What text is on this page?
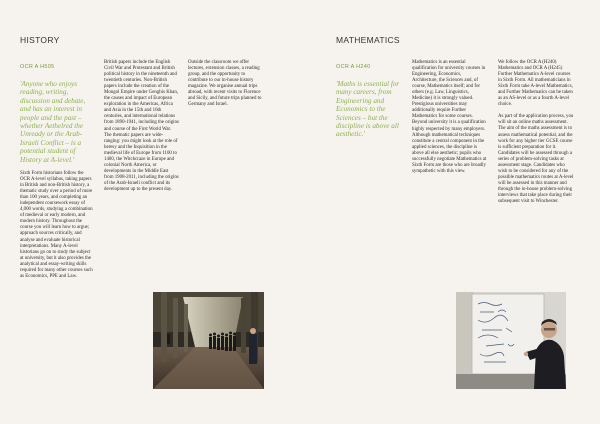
HISTORY
OCR A H505
'Anyone who enjoys reading, writing, discussion and debate, and has an interest in people and the past – whether Aethelred the Unready or the Arab-Israeli Conflict – is a potential student of History at A-level.'

Sixth Form historians follow the OCR A-level syllabus, taking papers in British and non-British history, a thematic study over a period of more than 100 years, and completing an independent coursework essay of 4,000 words, studying a combination of medieval or early modern, and modern history. Throughout the course you will learn how to argue; approach sources critically, and analyse and evaluate historical interpretations. Many A-level historians go on to study the subject at university, but it also provides the analytical and essay-writing skills required for many other courses such as Economics, PPE and Law.

British papers include the English Civil War and Protestant and British political history in the nineteenth and twentieth centuries. Non-British papers include the creation of the Mongol Empire under Genghis Khan, the causes and impact of European exploration in the Americas, Africa and Asia in the 15th and 16th centuries, and international relations from 1890-1941, including the origins and course of the First World War. The thematic papers are wide-ranging: you might look at the role of heresy and the Inquisition in the medieval life of Europe from 1100 to 1400, the Witchcraze in Europe and colonial North America, or developments in the Middle East from 1908-2011, including the origins of the Arab-Israeli conflict and its development up to the present day.

Outside the classroom we offer lectures, extension classes, a reading group, and the opportunity to contribute to our in-house history magazine. We organise annual trips abroad, with recent visits to Florence and Sicily, and future trips planned to Germany and Israel.

MATHEMATICS
OCR A H240
'Maths is essential for many careers, from Engineering and Economics to the Sciences – but the discipline is above all aesthetic.'

Mathematics is an essential qualification for university courses in Engineering, Economics, Architecture, the Sciences and, of course, Mathematics itself; and for others (e.g. Law, Linguistics, Medicine) it is strongly valued. Prestigious universities may additionally require Further Mathematics for some courses. Beyond university it is a qualification highly respected by many employers. Although mathematical techniques constitute a central component in the applied sciences, the discipline is above all else aesthetic; pupils who successfully negotiate Mathematics at Sixth Form are those who are broadly sympathetic with this view.

We follow the OCR A (H240) Mathematics and OCR A (H245) Further Mathematics A-level courses in Sixth Form. All mathematicians in Sixth Form take A-level Mathematics, and Further Mathematics can be taken as an AS-level or as a fourth A-level choice.

As part of the application process, you will sit an online maths assessment. The aim of the maths assessment is to assess mathematical potential, and the work for any higher tier GCSE course is sufficient preparation for it. Candidates will be assessed through a series of problem-solving tasks at assessment stage. Candidates who wish to be considered for any of the possible mathematics routes at A-level will be assessed in this manner and through the in-house problem-solving interviews that take place during their subsequent visit to Winchester.
